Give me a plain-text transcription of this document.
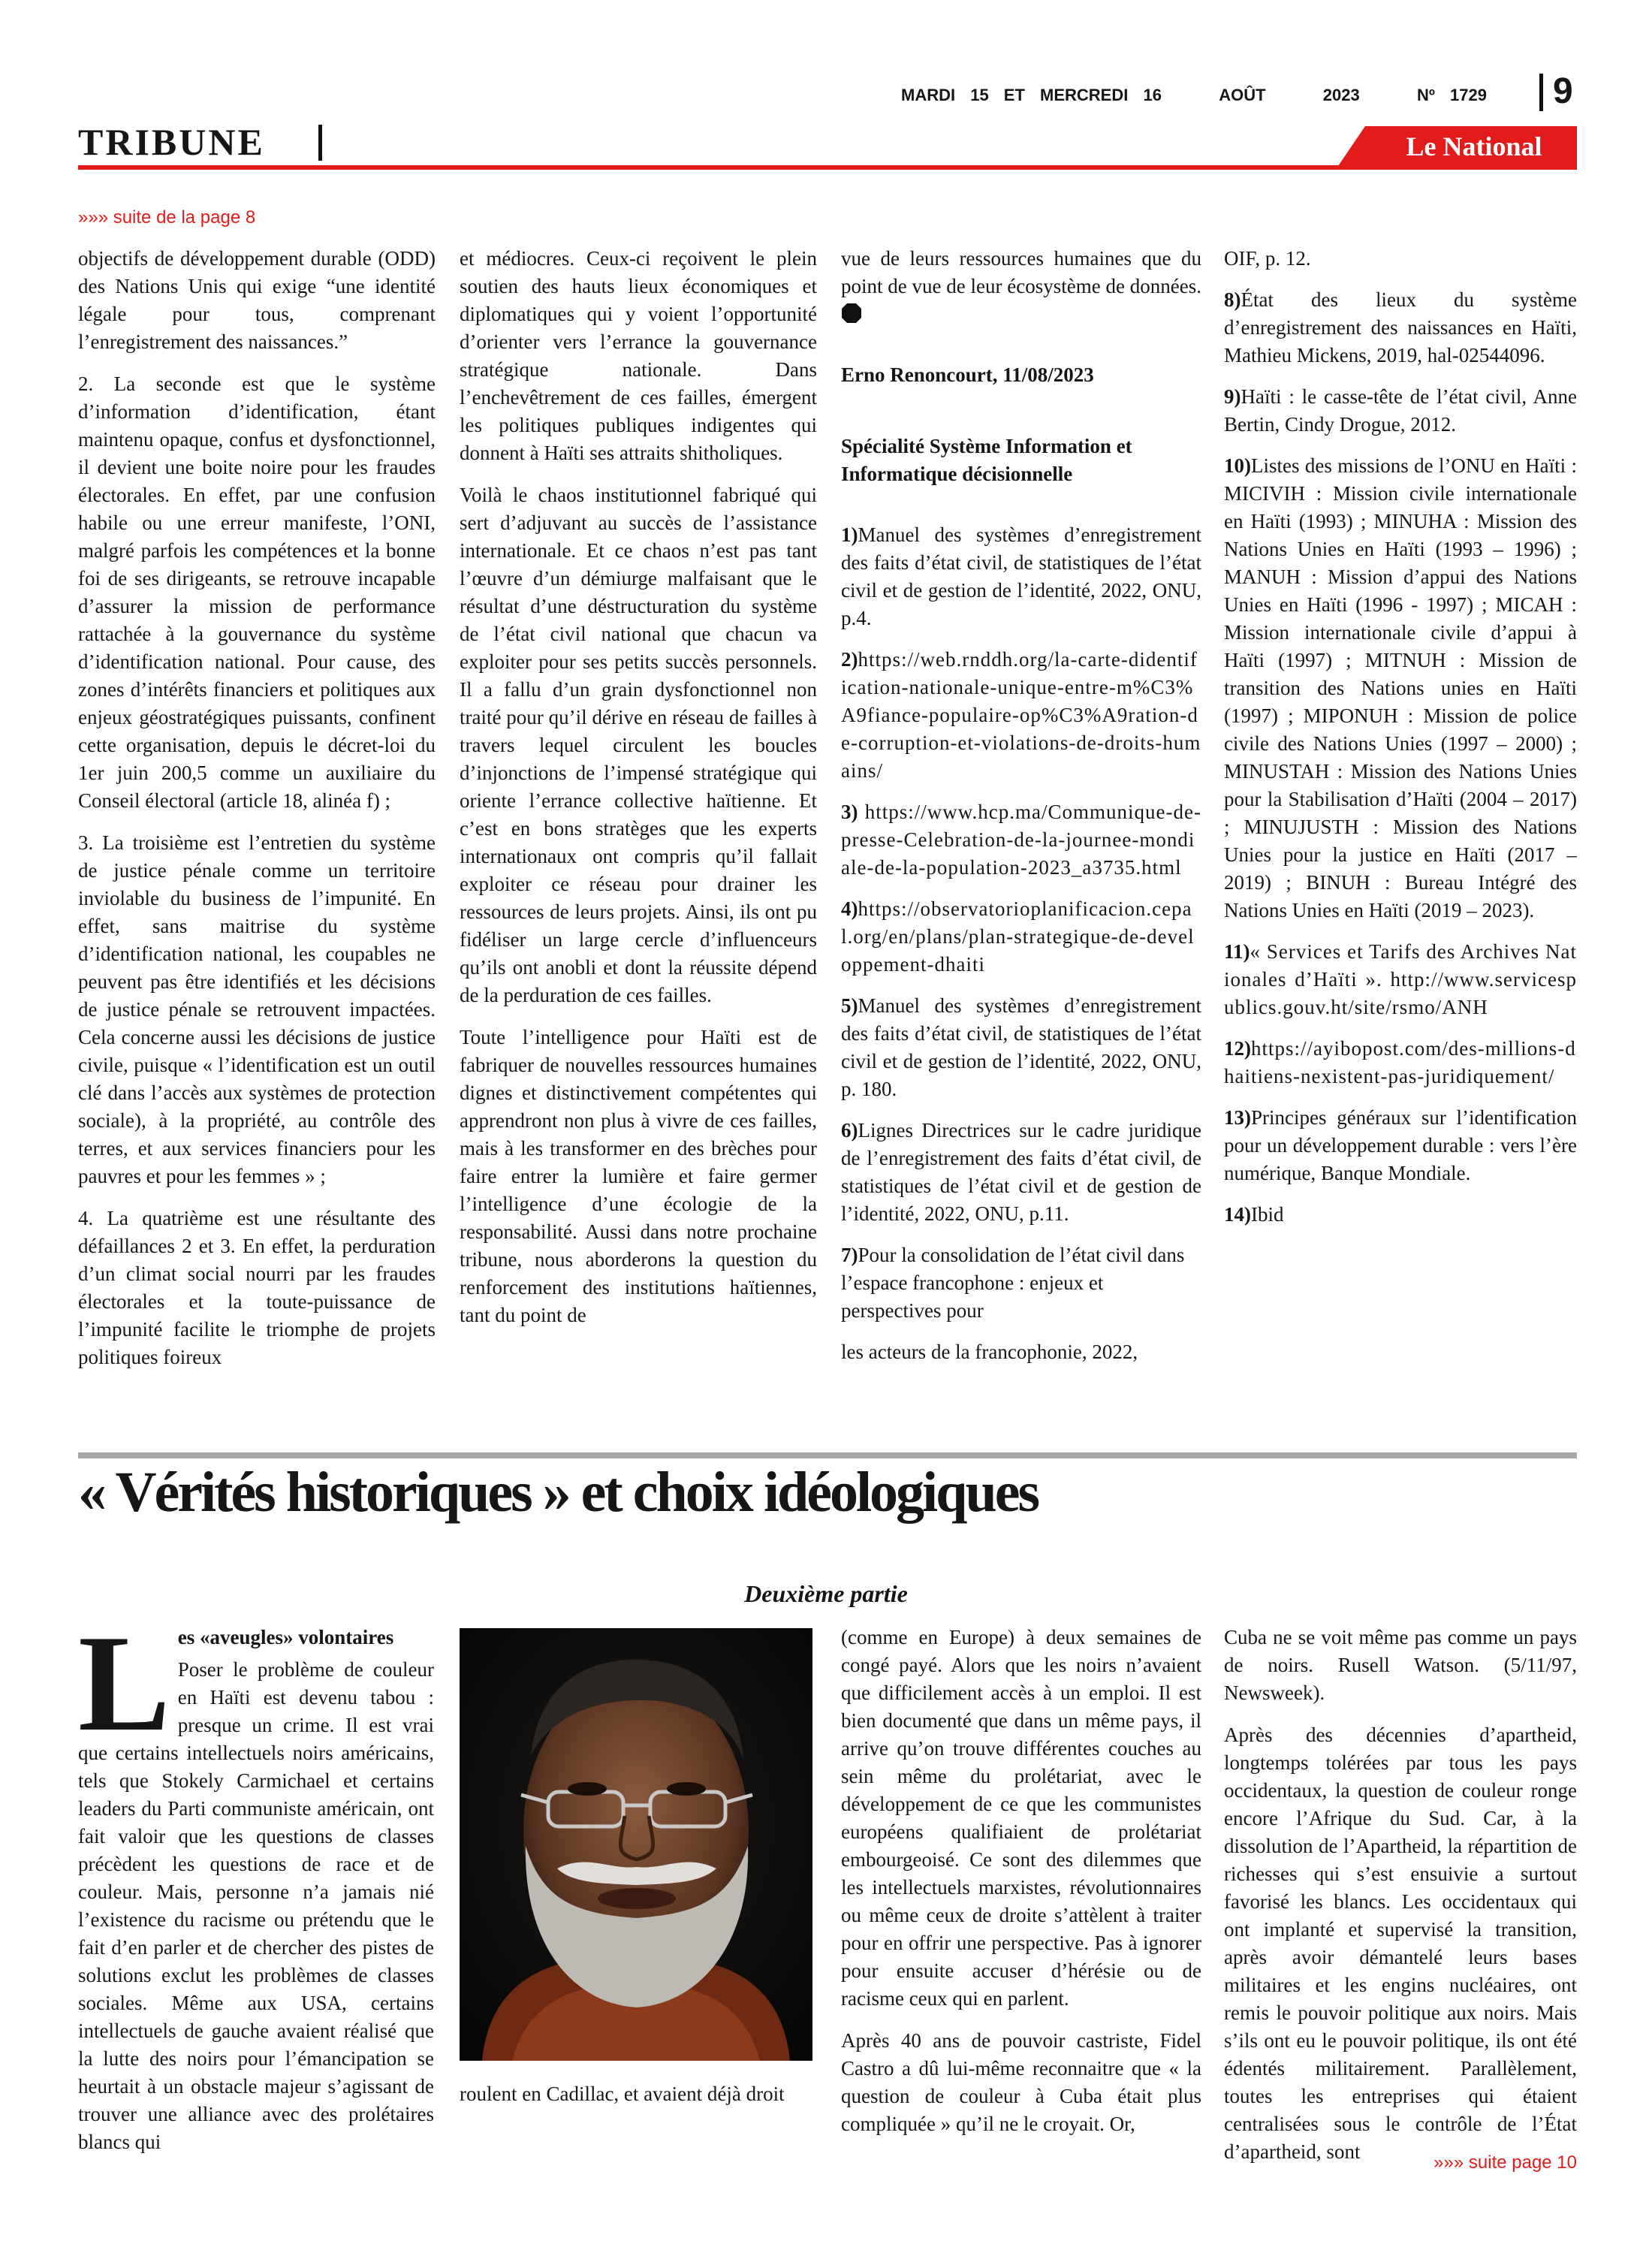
TRIBUNE
MARDI 15 ET MERCREDI 16	AOÛT	2023	Nº 1729 9
Le National
»»» suite de la page 8

objectifs de développement durable (ODD) des Nations Unis qui exige “une identité légale pour tous, comprenant l’enregistrement des naissances.”

2. La seconde est que le système d’information d’identification, étant maintenu opaque, confus et dysfonctionnel, il devient une boite noire pour les fraudes électorales. En effet, par une confusion habile ou une erreur manifeste, l’ONI, malgré parfois les compétences et la bonne foi de ses dirigeants, se retrouve incapable d’assurer la mission de performance rattachée à la gouvernance du système d’identification national. Pour cause, des zones d’intérêts financiers et politiques aux enjeux géostratégiques puissants, confinent cette organisation, depuis le décret-loi du 1er juin 200,5 comme un auxiliaire du Conseil électoral (article 18, alinéa f) ;

3. La troisième est l’entretien du système de justice pénale comme un territoire inviolable du business de l’impunité. En effet, sans maitrise du système d’identification national, les coupables ne peuvent pas être identifiés et les décisions de justice pénale se retrouvent impactées. Cela concerne aussi les décisions de justice civile, puisque « l’identification est un outil clé dans l’accès aux systèmes de protection sociale), à la propriété, au contrôle des terres, et aux services financiers pour les pauvres et pour les femmes » ;

4. La quatrième est une résultante des défaillances 2 et 3. En effet, la perduration d’un climat social nourri par les fraudes électorales et la toute-puissance de l’impunité facilite le triomphe de projets politiques foireux

et médiocres. Ceux-ci reçoivent le plein soutien des hauts lieux économiques et diplomatiques qui y voient l’opportunité d’orienter vers l’errance la gouvernance stratégique nationale. Dans l’enchevêtrement de ces failles, émergent les politiques publiques indigentes qui donnent à Haïti ses attraits shitholiques.

Voilà le chaos institutionnel fabriqué qui sert d’adjuvant au succès de l’assistance internationale. Et ce chaos n’est pas tant l’œuvre d’un démiurge malfaisant que le résultat d’une déstructuration du système de l’état civil national que chacun va exploiter pour ses petits succès personnels. Il a fallu d’un grain dysfonctionnel non traité pour qu’il dérive en réseau de failles à travers lequel circulent les boucles d’injonctions de l’impensé stratégique qui oriente l’errance collective haïtienne. Et c’est en bons stratèges que les experts internationaux ont compris qu’il fallait exploiter ce réseau pour drainer les ressources de leurs projets. Ainsi, ils ont pu fidéliser un large cercle d’influenceurs qu’ils ont anobli et dont la réussite dépend de la perduration de ces failles.

Toute l’intelligence pour Haïti est de fabriquer de nouvelles ressources humaines dignes et distinctivement compétentes qui apprendront non plus à vivre de ces failles, mais à les transformer en des brèches pour faire entrer la lumière et faire germer l’intelligence d’une écologie de la responsabilité. Aussi dans notre prochaine tribune, nous aborderons la question du renforcement des institutions haïtiennes, tant du point de

vue de leurs ressources humaines que du point de vue de leur écosystème de données.

Erno Renoncourt, 11/08/2023

Spécialité Système Information et Informatique décisionnelle

1)Manuel des systèmes d’enregistrement des faits d’état civil, de statistiques de l’état civil et de gestion de l’identité, 2022, ONU, p.4.

2)https://web.rnddh.org/la-carte-didentification-nationale-unique-entre-m%C3%A9fiance-populaire-op%C3%A9ration-de-corruption-et-violations-de-droits-humains/

3) https://www.hcp.ma/Communique-de-presse-Celebration-de-la-journee-mondiale-de-la-population-2023_a3735.html

4)https://observatorioplanificacion.cepal.org/en/plans/plan-strategique-de-developpement-dhaiti

5)Manuel des systèmes d’enregistrement des faits d’état civil, de statistiques de l’état civil et de gestion de l’identité, 2022, ONU, p. 180.

6)Lignes Directrices sur le cadre juridique de l’enregistrement des faits d’état civil, de statistiques de l’état civil et de gestion de l’identité, 2022, ONU, p.11.

7)Pour la consolidation de l’état civil dans l’espace francophone : enjeux et perspectives pour

les acteurs de la francophonie, 2022,

OIF, p. 12.

8)État des lieux du système d’enregistrement des naissances en Haïti, Mathieu Mickens, 2019, hal-02544096.

9)Haïti : le casse-tête de l’état civil, Anne Bertin, Cindy Drogue, 2012.

10)Listes des missions de l’ONU en Haïti : MICIVIH : Mission civile internationale en Haïti (1993) ; MINUHA : Mission des Nations Unies en Haïti (1993 – 1996) ; MANUH : Mission d’appui des Nations Unies en Haïti (1996 - 1997) ; MICAH : Mission internationale civile d’appui à Haïti (1997) ; MITNUH : Mission de transition des Nations unies en Haïti (1997) ; MIPONUH : Mission de police civile des Nations Unies (1997 – 2000) ; MINUSTAH : Mission des Nations Unies pour la Stabilisation d’Haïti (2004 – 2017) ; MINUJUSTH : Mission des Nations Unies pour la justice en Haïti (2017 – 2019) ; BINUH : Bureau Intégré des Nations Unies en Haïti (2019 – 2023).

11)« Services et Tarifs des Archives Nationales d’Haïti ». http://www.servicespublics.gouv.ht/site/rsmo/ANH

12)https://ayibopost.com/des-millions-dhaitiens-nexistent-pas-juridiquement/

13)Principes généraux sur l’identification pour un développement durable : vers l’ère numérique, Banque Mondiale.

14)Ibid

« Vérités historiques » et choix idéologiques
Deuxième partie
L es «aveugles» volontaires

Poser le problème de couleur en Haïti est devenu tabou : presque un crime. Il est vrai que certains intellectuels noirs américains, tels que Stokely Carmichael et certains leaders du Parti communiste américain, ont fait valoir que les questions de classes précèdent les questions de race et de couleur. Mais, personne n’a jamais nié l’existence du racisme ou prétendu que le fait d’en parler et de chercher des pistes de solutions exclut les problèmes de classes sociales. Même aux USA, certains intellectuels de gauche avaient réalisé que la lutte des noirs pour l’émancipation se heurtait à un obstacle majeur s’agissant de trouver une alliance avec des prolétaires blancs qui

roulent en Cadillac, et avaient déjà droit

(comme en Europe) à deux semaines de congé payé. Alors que les noirs n’avaient que difficilement accès à un emploi. Il est bien documenté que dans un même pays, il arrive qu’on trouve différentes couches au sein même du prolétariat, avec le développement de ce que les communistes européens qualifiaient de prolétariat embourgeoisé. Ce sont des dilemmes que les intellectuels marxistes, révolutionnaires ou même ceux de droite s’attèlent à traiter pour en offrir une perspective. Pas à ignorer pour ensuite accuser d’hérésie ou de racisme ceux qui en parlent.

Après 40 ans de pouvoir castriste, Fidel Castro a dû lui-même reconnaitre que « la question de couleur à Cuba était plus compliquée » qu’il ne le croyait. Or,

Cuba ne se voit même pas comme un pays de noirs. Rusell Watson. (5/11/97, Newsweek).

Après des décennies d’apartheid, longtemps tolérées par tous les pays occidentaux, la question de couleur ronge encore l’Afrique du Sud. Car, à la dissolution de l’Apartheid, la répartition de richesses qui s’est ensuivie a surtout favorisé les blancs. Les occidentaux qui ont implanté et supervisé la transition, après avoir démantelé leurs bases militaires et les engins nucléaires, ont remis le pouvoir politique aux noirs. Mais s’ils ont eu le pouvoir politique, ils ont été édentés militairement. Parallèlement, toutes les entreprises qui étaient centralisées sous le contrôle de l’État d’apartheid, sont	»»» suite page 10
